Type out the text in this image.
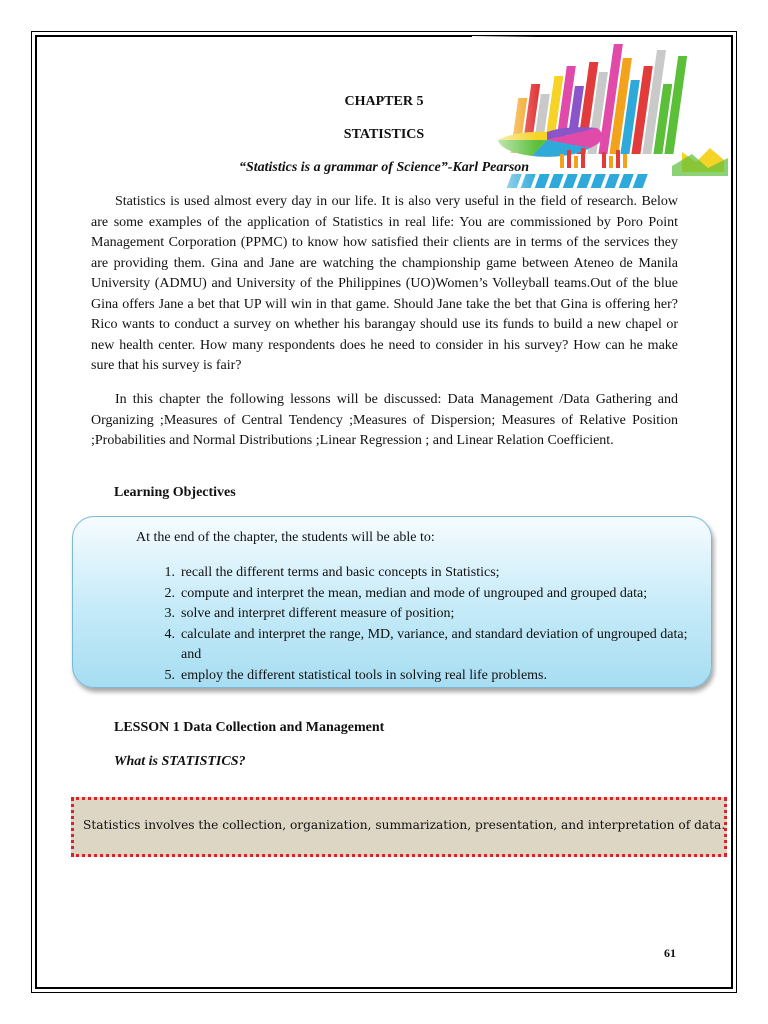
CHAPTER 5
STATISTICS
“Statistics is a grammar of Science”-Karl Pearson

Statistics is used almost every day in our life. It is also very useful in the field of research. Below are some examples of the application of Statistics in real life: You are commissioned by Poro Point Management Corporation (PPMC) to know how satisfied their clients are in terms of the services they are providing them. Gina and Jane are watching the championship game between Ateneo de Manila University (ADMU) and University of the Philippines (UO)Women’s Volleyball teams.Out of the blue Gina offers Jane a bet that UP will win in that game. Should Jane take the bet that Gina is offering her? Rico wants to conduct a survey on whether his barangay should use its funds to build a new chapel or new health center. How many respondents does he need to consider in his survey? How can he make sure that his survey is fair?

In this chapter the following lessons will be discussed: Data Management /Data Gathering and Organizing ;Measures of Central Tendency ;Measures of Dispersion; Measures of Relative Position ;Probabilities and Normal Distributions ;Linear Regression ; and Linear Relation Coefficient.

Learning Objectives
At the end of the chapter, the students will be able to:
1. recall the different terms and basic concepts in Statistics;
2. compute and interpret the mean, median and mode of ungrouped and grouped data;
3. solve and interpret different measure of position;
4. calculate and interpret the range, MD, variance, and standard deviation of ungrouped data; and
5. employ the different statistical tools in solving real life problems.
LESSON 1 Data Collection and Management
What is STATISTICS?
Statistics involves the collection, organization, summarization, presentation, and interpretation of data.
61
